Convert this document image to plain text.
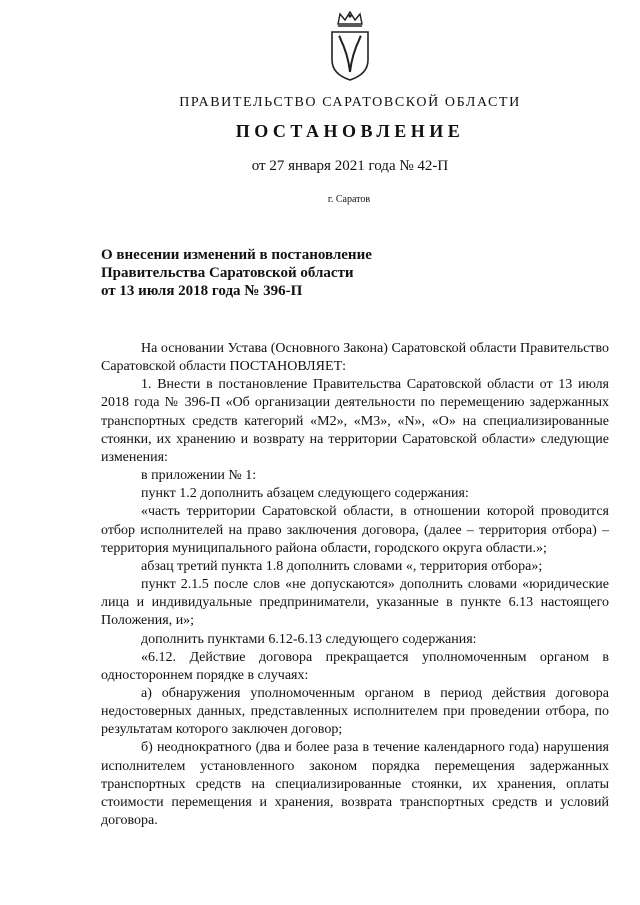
ПРАВИТЕЛЬСТВО САРАТОВСКОЙ ОБЛАСТИ
ПОСТАНОВЛЕНИЕ
от 27 января 2021 года № 42-П
г. Саратов
О внесении изменений в постановление
Правительства Саратовской области
от 13 июля 2018 года № 396-П

На основании Устава (Основного Закона) Саратовской области Правительство Саратовской области ПОСТАНОВЛЯЕТ:

1. Внести в постановление Правительства Саратовской области от 13 июля 2018 года № 396-П «Об организации деятельности по перемещению задержанных транспортных средств категорий «М2», «М3», «N», «О» на специализированные стоянки, их хранению и возврату на территории Саратовской области» следующие изменения:

в приложении № 1:

пункт 1.2 дополнить абзацем следующего содержания:

«часть территории Саратовской области, в отношении которой проводится отбор исполнителей на право заключения договора, (далее – территория отбора) – территория муниципального района области, городского округа области.»;

абзац третий пункта 1.8 дополнить словами «, территория отбора»;

пункт 2.1.5 после слов «не допускаются» дополнить словами «юридические лица и индивидуальные предприниматели, указанные в пункте 6.13 настоящего Положения, и»;

дополнить пунктами 6.12-6.13 следующего содержания:

«6.12. Действие договора прекращается уполномоченным органом в одностороннем порядке в случаях:

а) обнаружения уполномоченным органом в период действия договора недостоверных данных, представленных исполнителем при проведении отбора, по результатам которого заключен договор;

б) неоднократного (два и более раза в течение календарного года) нарушения исполнителем установленного законом порядка перемещения задержанных транспортных средств на специализированные стоянки, их хранения, оплаты стоимости перемещения и хранения, возврата транспортных средств и условий договора.
